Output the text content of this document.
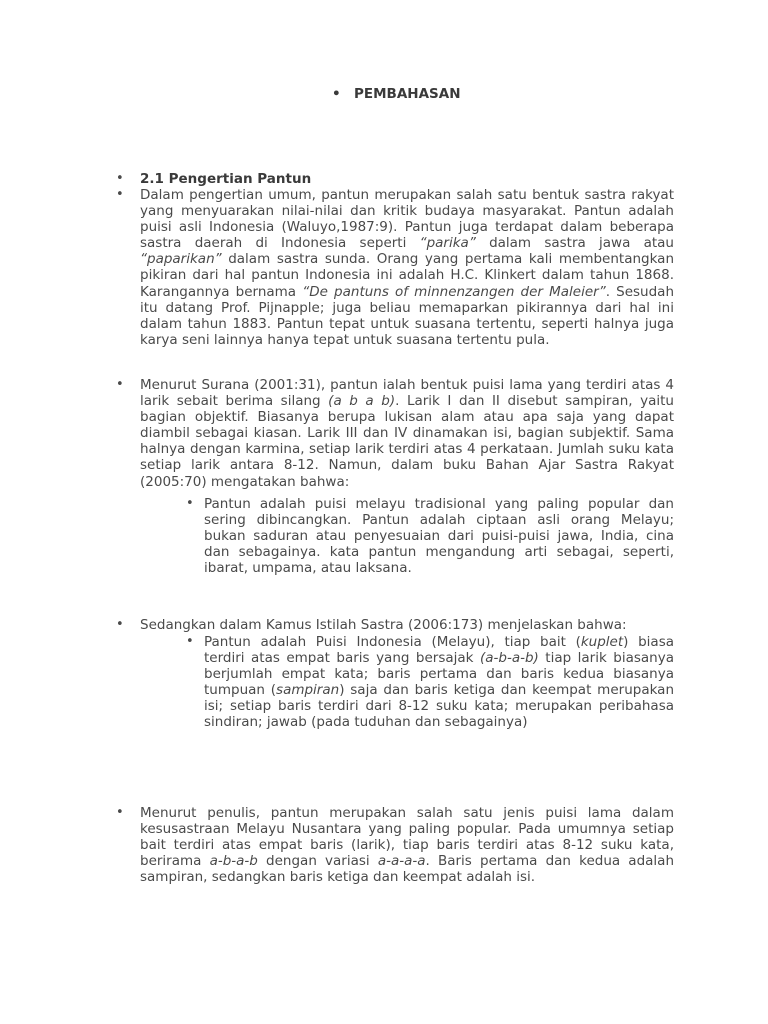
• PEMBAHASAN
• 2.1 Pengertian Pantun
• Dalam pengertian umum, pantun merupakan salah satu bentuk sastra rakyat yang menyuarakan nilai-nilai dan kritik budaya masyarakat. Pantun adalah puisi asli Indonesia (Waluyo,1987:9). Pantun juga terdapat dalam beberapa sastra daerah di Indonesia seperti “parika” dalam sastra jawa atau “paparikan” dalam sastra sunda. Orang yang pertama kali membentangkan pikiran dari hal pantun Indonesia ini adalah H.C. Klinkert dalam tahun 1868. Karangannya bernama “De pantuns of minnenzangen der Maleier”. Sesudah itu datang Prof. Pijnapple; juga beliau memaparkan pikirannya dari hal ini dalam tahun 1883. Pantun tepat untuk suasana tertentu, seperti halnya juga karya seni lainnya hanya tepat untuk suasana tertentu pula.
• Menurut Surana (2001:31), pantun ialah bentuk puisi lama yang terdiri atas 4 larik sebait berima silang (a b a b). Larik I dan II disebut sampiran, yaitu bagian objektif. Biasanya berupa lukisan alam atau apa saja yang dapat diambil sebagai kiasan. Larik III dan IV dinamakan isi, bagian subjektif. Sama halnya dengan karmina, setiap larik terdiri atas 4 perkataan. Jumlah suku kata setiap larik antara 8-12. Namun, dalam buku Bahan Ajar Sastra Rakyat (2005:70) mengatakan bahwa:
• Pantun adalah puisi melayu tradisional yang paling popular dan sering dibincangkan. Pantun adalah ciptaan asli orang Melayu; bukan saduran atau penyesuaian dari puisi-puisi jawa, India, cina dan sebagainya. kata pantun mengandung arti sebagai, seperti, ibarat, umpama, atau laksana.
• Sedangkan dalam Kamus Istilah Sastra (2006:173) menjelaskan bahwa:
• Pantun adalah Puisi Indonesia (Melayu), tiap bait (kuplet) biasa terdiri atas empat baris yang bersajak (a-b-a-b) tiap larik biasanya berjumlah empat kata; baris pertama dan baris kedua biasanya tumpuan (sampiran) saja dan baris ketiga dan keempat merupakan isi; setiap baris terdiri dari 8-12 suku kata; merupakan peribahasa sindiran; jawab (pada tuduhan dan sebagainya)
• Menurut penulis, pantun merupakan salah satu jenis puisi lama dalam kesusastraan Melayu Nusantara yang paling popular. Pada umumnya setiap bait terdiri atas empat baris (larik), tiap baris terdiri atas 8-12 suku kata, berirama a-b-a-b dengan variasi a-a-a-a. Baris pertama dan kedua adalah sampiran, sedangkan baris ketiga dan keempat adalah isi.
